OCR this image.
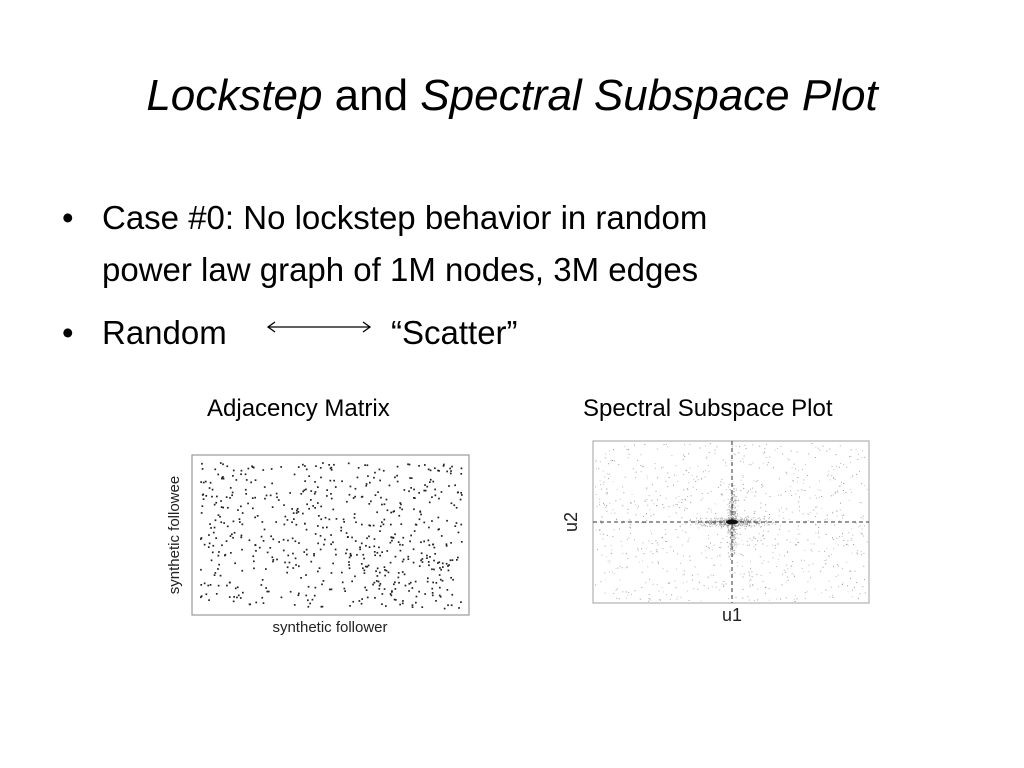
Lockstep and Spectral Subspace Plot
• Case #0: No lockstep behavior in random
power law graph of 1M nodes, 3M edges
• Random	“Scatter”
Adjacency Matrix	Spectral Subspace Plot
synthetic follower
synthetic followee
u1
u2
